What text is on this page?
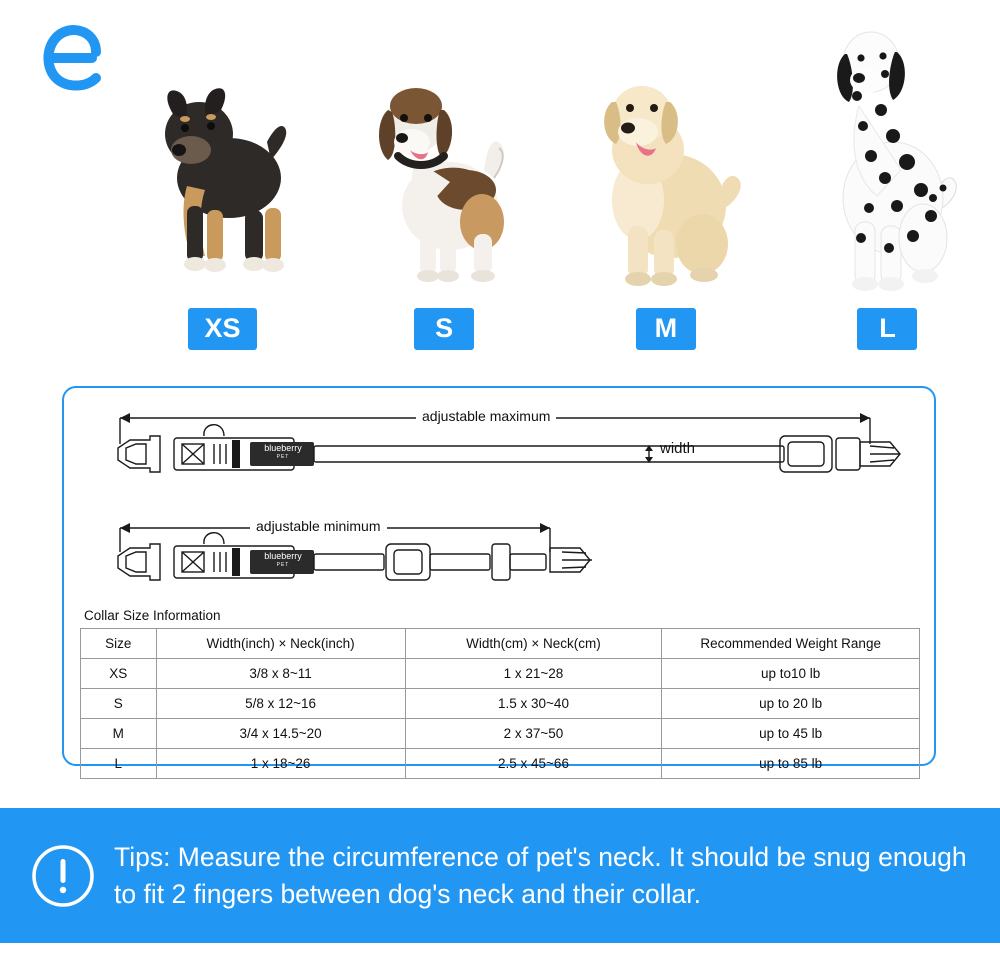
XS	S	M	L
blueberry
PET
blueberry
PET
adjustable maximum
adjustable minimum
width
Collar Size Information
Size	Width(inch) × Neck(inch)	Width(cm) × Neck(cm)	Recommended Weight Range
XS	3/8 x 8~11	1 x 21~28	up to10 lb
S	5/8 x 12~16	1.5 x 30~40	up to 20 lb
M	3/4 x 14.5~20	2 x 37~50	up to 45 lb
L	1 x 18~26	2.5 x 45~66	up to 85 lb
Tips: Measure the circumference of pet's neck. It should be snug enough to fit 2 fingers between dog's neck and their collar.
